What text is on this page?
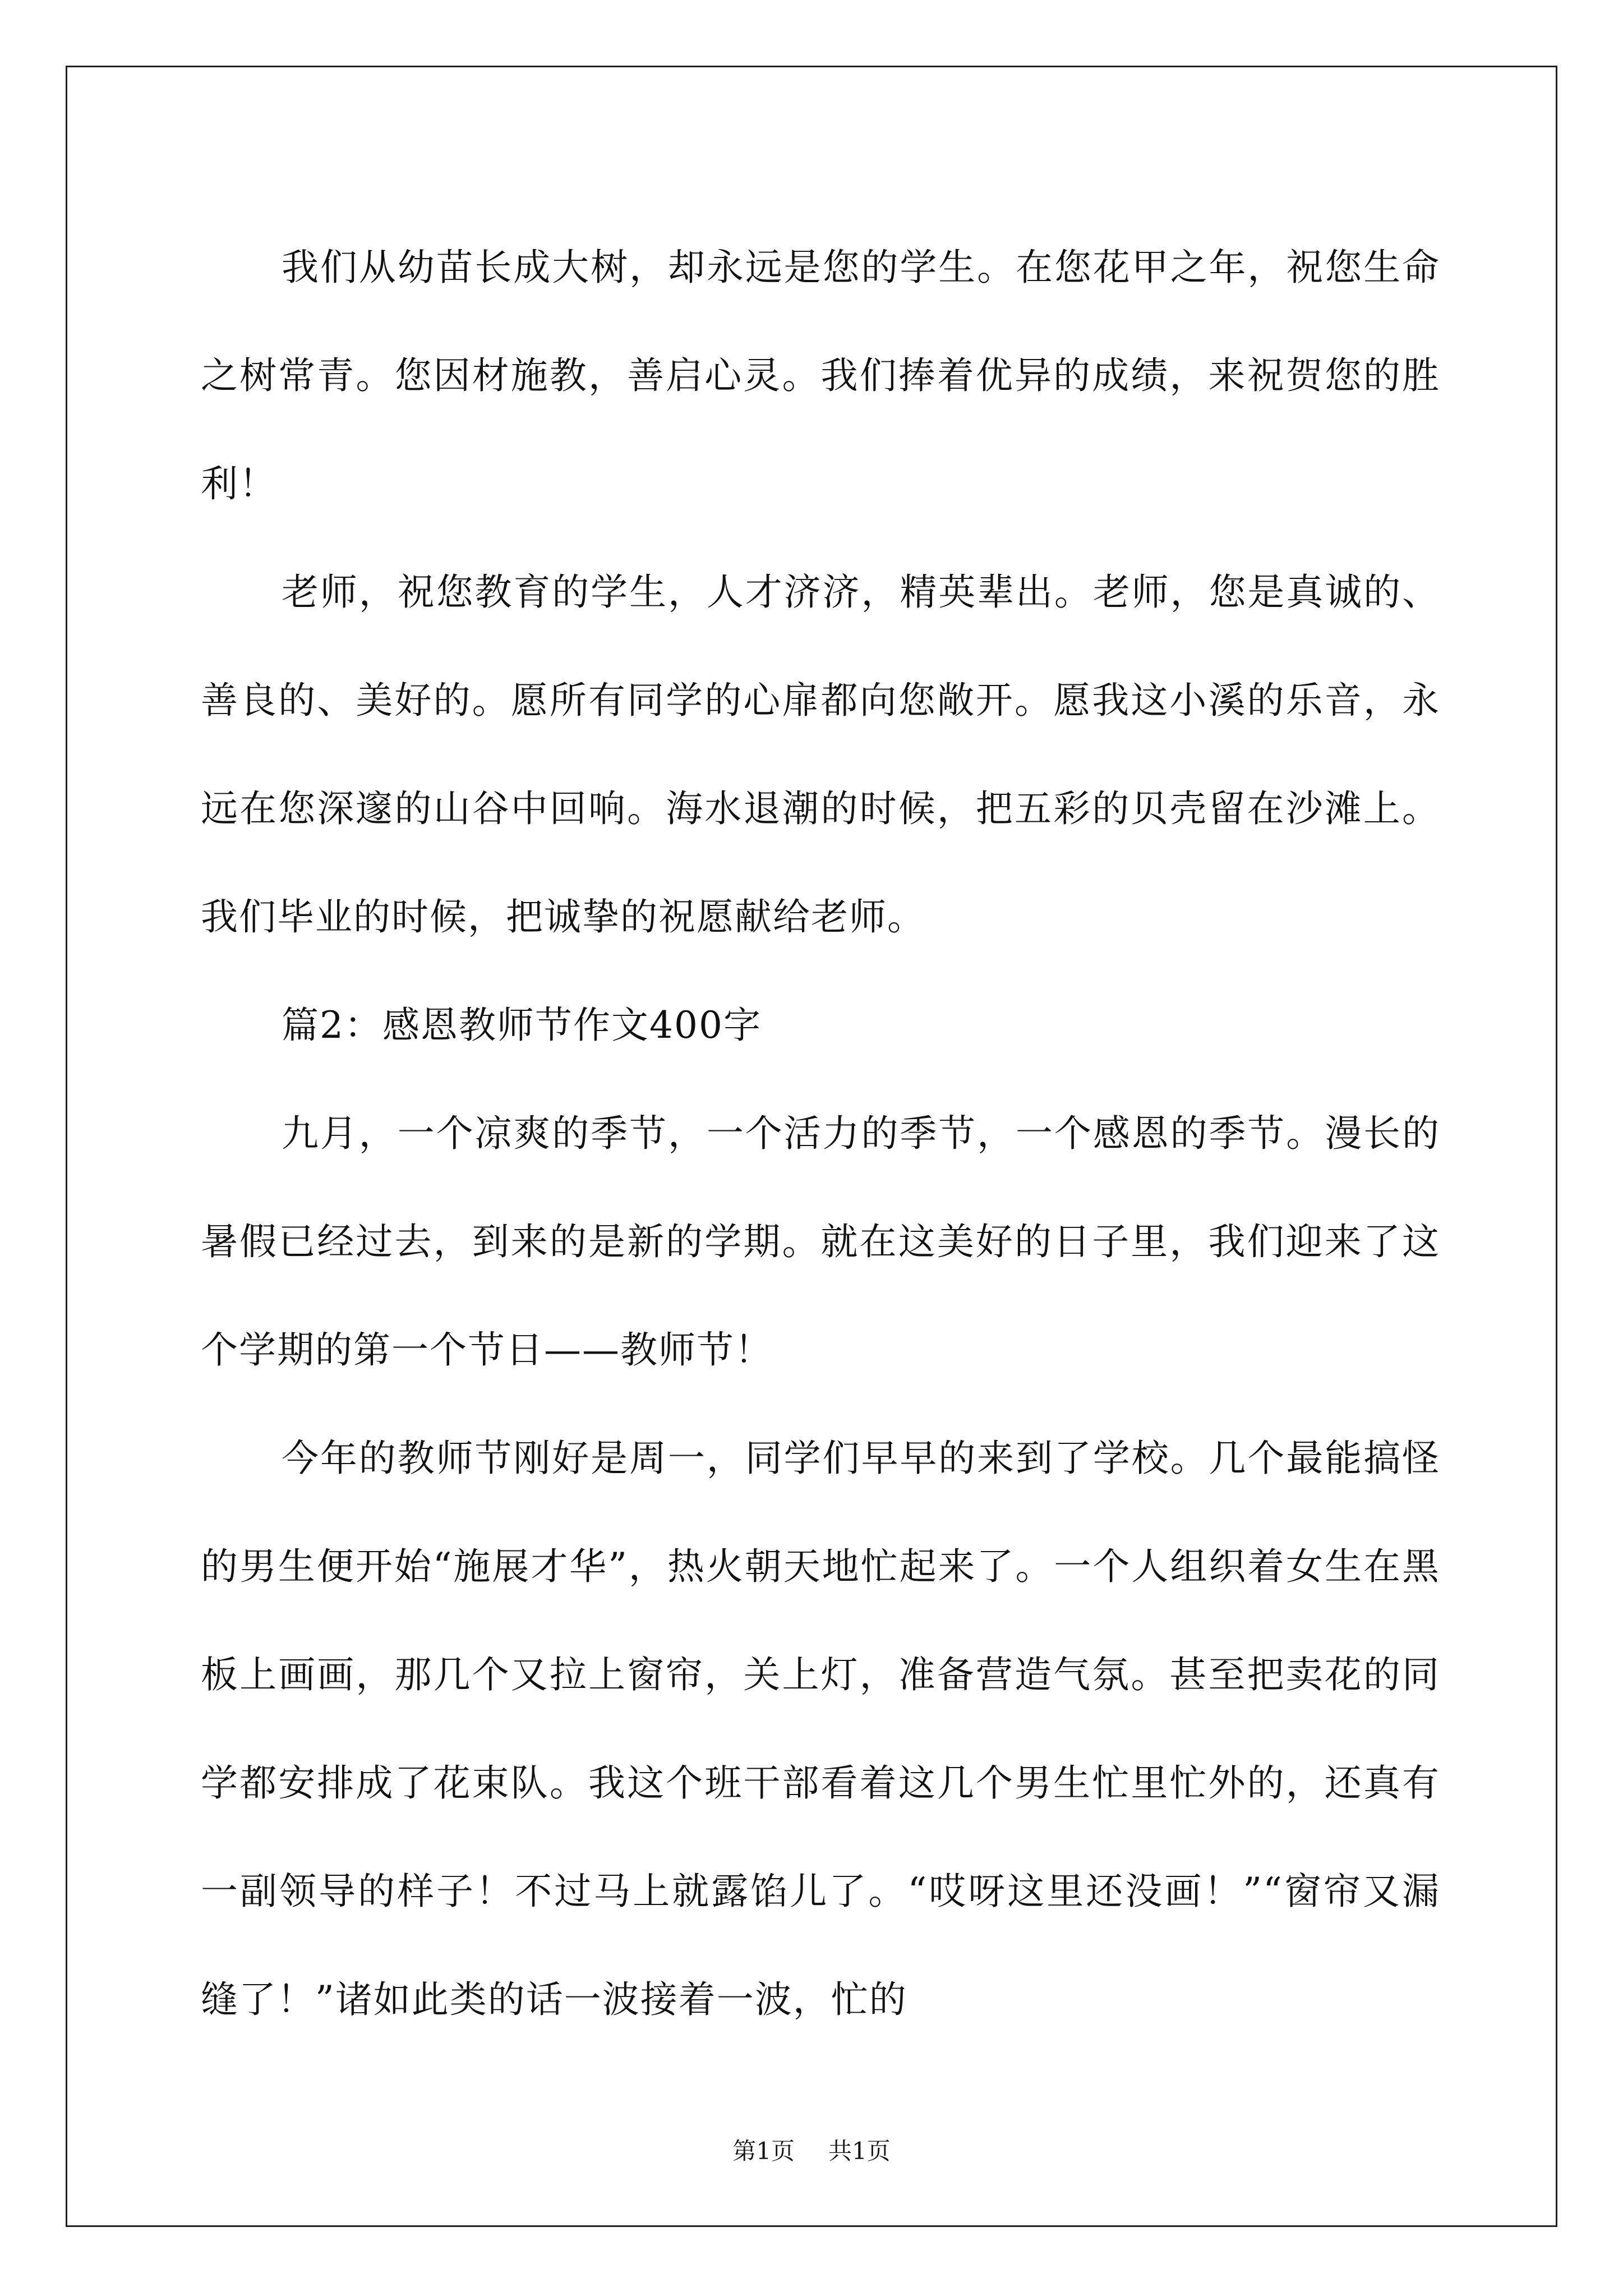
我们从幼苗长成大树，却永远是您的学生。在您花甲之年，祝您生命之树常青。您因材施教，善启心灵。我们捧着优异的成绩，来祝贺您的胜利！

老师，祝您教育的学生，人才济济，精英辈出。老师，您是真诚的、善良的、美好的。愿所有同学的心扉都向您敞开。愿我这小溪的乐音，永远在您深邃的山谷中回响。海水退潮的时候，把五彩的贝壳留在沙滩上。我们毕业的时候，把诚挚的祝愿献给老师。

篇2：感恩教师节作文400字

九月，一个凉爽的季节，一个活力的季节，一个感恩的季节。漫长的暑假已经过去，到来的是新的学期。就在这美好的日子里，我们迎来了这个学期的第一个节日——教师节！

今年的教师节刚好是周一，同学们早早的来到了学校。几个最能搞怪的男生便开始“施展才华”，热火朝天地忙起来了。一个人组织着女生在黑板上画画，那几个又拉上窗帘，关上灯，准备营造气氛。甚至把卖花的同学都安排成了花束队。我这个班干部看着这几个男生忙里忙外的，还真有一副领导的样子！不过马上就露馅儿了。“哎呀这里还没画！”“窗帘又漏缝了！”诸如此类的话一波接着一波，忙的

第1页 共1页
